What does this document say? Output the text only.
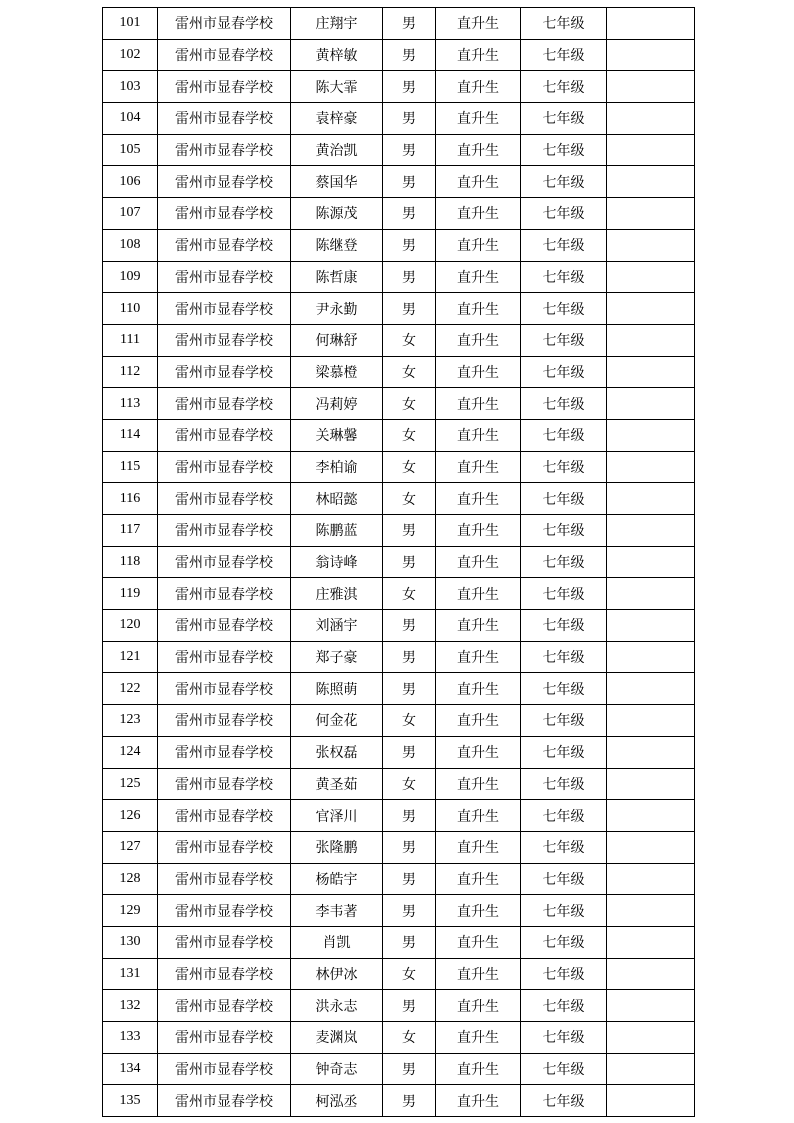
101	雷州市显春学校	庄翔宇	男	直升生	七年级	
102	雷州市显春学校	黄梓敏	男	直升生	七年级	
103	雷州市显春学校	陈大霏	男	直升生	七年级	
104	雷州市显春学校	袁梓豪	男	直升生	七年级	
105	雷州市显春学校	黄治凯	男	直升生	七年级	
106	雷州市显春学校	蔡国华	男	直升生	七年级	
107	雷州市显春学校	陈源茂	男	直升生	七年级	
108	雷州市显春学校	陈继登	男	直升生	七年级	
109	雷州市显春学校	陈哲康	男	直升生	七年级	
110	雷州市显春学校	尹永勤	男	直升生	七年级	
111	雷州市显春学校	何琳舒	女	直升生	七年级	
112	雷州市显春学校	梁慕橙	女	直升生	七年级	
113	雷州市显春学校	冯莉婷	女	直升生	七年级	
114	雷州市显春学校	关琳馨	女	直升生	七年级	
115	雷州市显春学校	李柏谕	女	直升生	七年级	
116	雷州市显春学校	林昭懿	女	直升生	七年级	
117	雷州市显春学校	陈鹏蓝	男	直升生	七年级	
118	雷州市显春学校	翁诗峰	男	直升生	七年级	
119	雷州市显春学校	庄雅淇	女	直升生	七年级	
120	雷州市显春学校	刘涵宇	男	直升生	七年级	
121	雷州市显春学校	郑子豪	男	直升生	七年级	
122	雷州市显春学校	陈照萌	男	直升生	七年级	
123	雷州市显春学校	何金花	女	直升生	七年级	
124	雷州市显春学校	张权磊	男	直升生	七年级	
125	雷州市显春学校	黄圣茹	女	直升生	七年级	
126	雷州市显春学校	官泽川	男	直升生	七年级	
127	雷州市显春学校	张隆鹏	男	直升生	七年级	
128	雷州市显春学校	杨皓宇	男	直升生	七年级	
129	雷州市显春学校	李韦著	男	直升生	七年级	
130	雷州市显春学校	肖凯	男	直升生	七年级	
131	雷州市显春学校	林伊冰	女	直升生	七年级	
132	雷州市显春学校	洪永志	男	直升生	七年级	
133	雷州市显春学校	麦渊岚	女	直升生	七年级	
134	雷州市显春学校	钟奇志	男	直升生	七年级	
135	雷州市显春学校	柯泓丞	男	直升生	七年级	
